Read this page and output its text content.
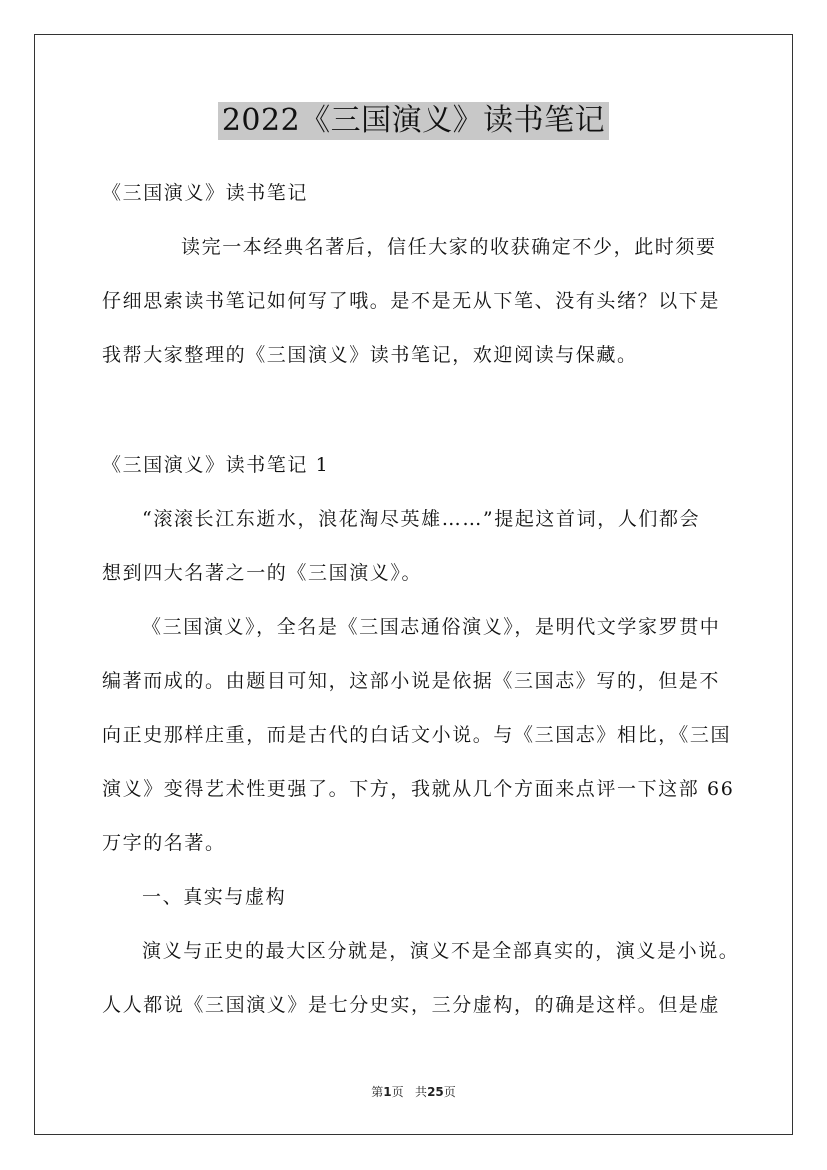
2022《三国演义》读书笔记
《三国演义》读书笔记
读完一本经典名著后，信任大家的收获确定不少，此时须要
仔细思索读书笔记如何写了哦。是不是无从下笔、没有头绪？以下是
我帮大家整理的《三国演义》读书笔记，欢迎阅读与保藏。
《三国演义》读书笔记 1
“滚滚长江东逝水，浪花淘尽英雄……”提起这首词，人们都会
想到四大名著之一的《三国演义》。
《三国演义》，全名是《三国志通俗演义》，是明代文学家罗贯中
编著而成的。由题目可知，这部小说是依据《三国志》写的，但是不
向正史那样庄重，而是古代的白话文小说。与《三国志》相比，《三国
演义》变得艺术性更强了。下方，我就从几个方面来点评一下这部 66
万字的名著。
一、真实与虚构
演义与正史的最大区分就是，演义不是全部真实的，演义是小说。
人人都说《三国演义》是七分史实，三分虚构，的确是这样。但是虚
第1页 共25页
